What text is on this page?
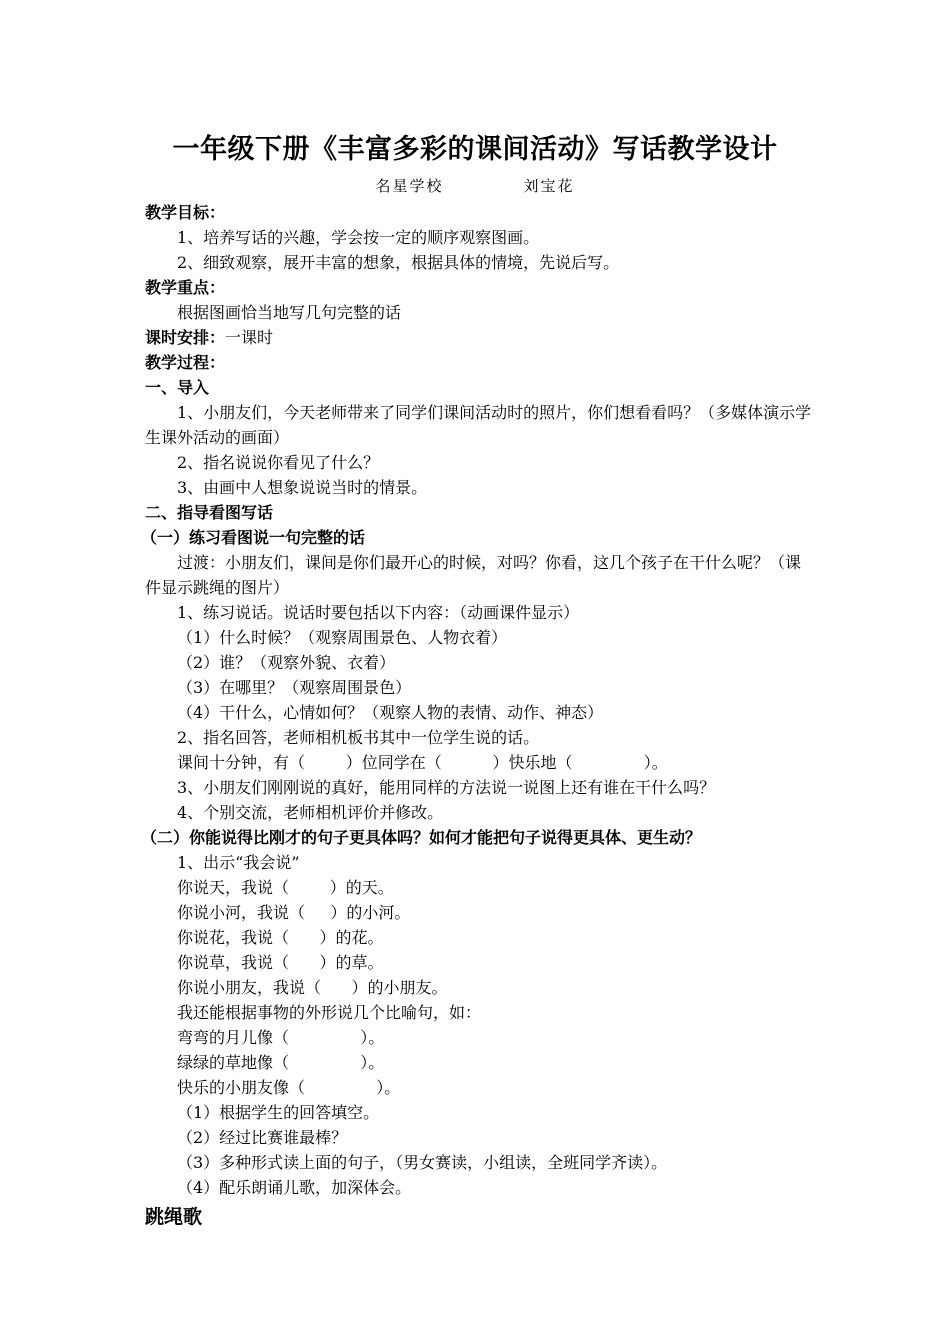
一年级下册《丰富多彩的课间活动》写话教学设计
名星学校	刘宝花
教学目标：
1、培养写话的兴趣，学会按一定的顺序观察图画。
2、细致观察，展开丰富的想象，根据具体的情境，先说后写。
教学重点：
根据图画恰当地写几句完整的话
课时安排：一课时
教学过程：
一、导入
1、小朋友们，今天老师带来了同学们课间活动时的照片，你们想看看吗？（多媒体演示学生课外活动的画面）
2、指名说说你看见了什么？
3、由画中人想象说说当时的情景。
二、指导看图写话
（一）练习看图说一句完整的话
过渡：小朋友们，课间是你们最开心的时候，对吗？你看，这几个孩子在干什么呢？（课件显示跳绳的图片）
1、练习说话。说话时要包括以下内容：（动画课件显示）
（1）什么时候？（观察周围景色、人物衣着）
（2）谁？（观察外貌、衣着）
（3）在哪里？（观察周围景色）
（4）干什么，心情如何？（观察人物的表情、动作、神态）
2、指名回答，老师相机板书其中一位学生说的话。
课间十分钟，有（        ）位同学在（          ）快乐地（              ）。
3、小朋友们刚刚说的真好，能用同样的方法说一说图上还有谁在干什么吗？
4、个别交流，老师相机评价并修改。
（二）你能说得比刚才的句子更具体吗？如何才能把句子说得更具体、更生动？
1、出示“我会说”
你说天，我说（        ）的天。
你说小河，我说（     ）的小河。
你说花，我说（      ）的花。
你说草，我说（      ）的草。
你说小朋友，我说（      ）的小朋友。
我还能根据事物的外形说几个比喻句，如：
弯弯的月儿像（              ）。
绿绿的草地像（              ）。
快乐的小朋友像（              ）。
（1）根据学生的回答填空。
（2）经过比赛谁最棒？
（3）多种形式读上面的句子，（男女赛读，小组读，全班同学齐读）。
（4）配乐朗诵儿歌，加深体会。
跳绳歌
